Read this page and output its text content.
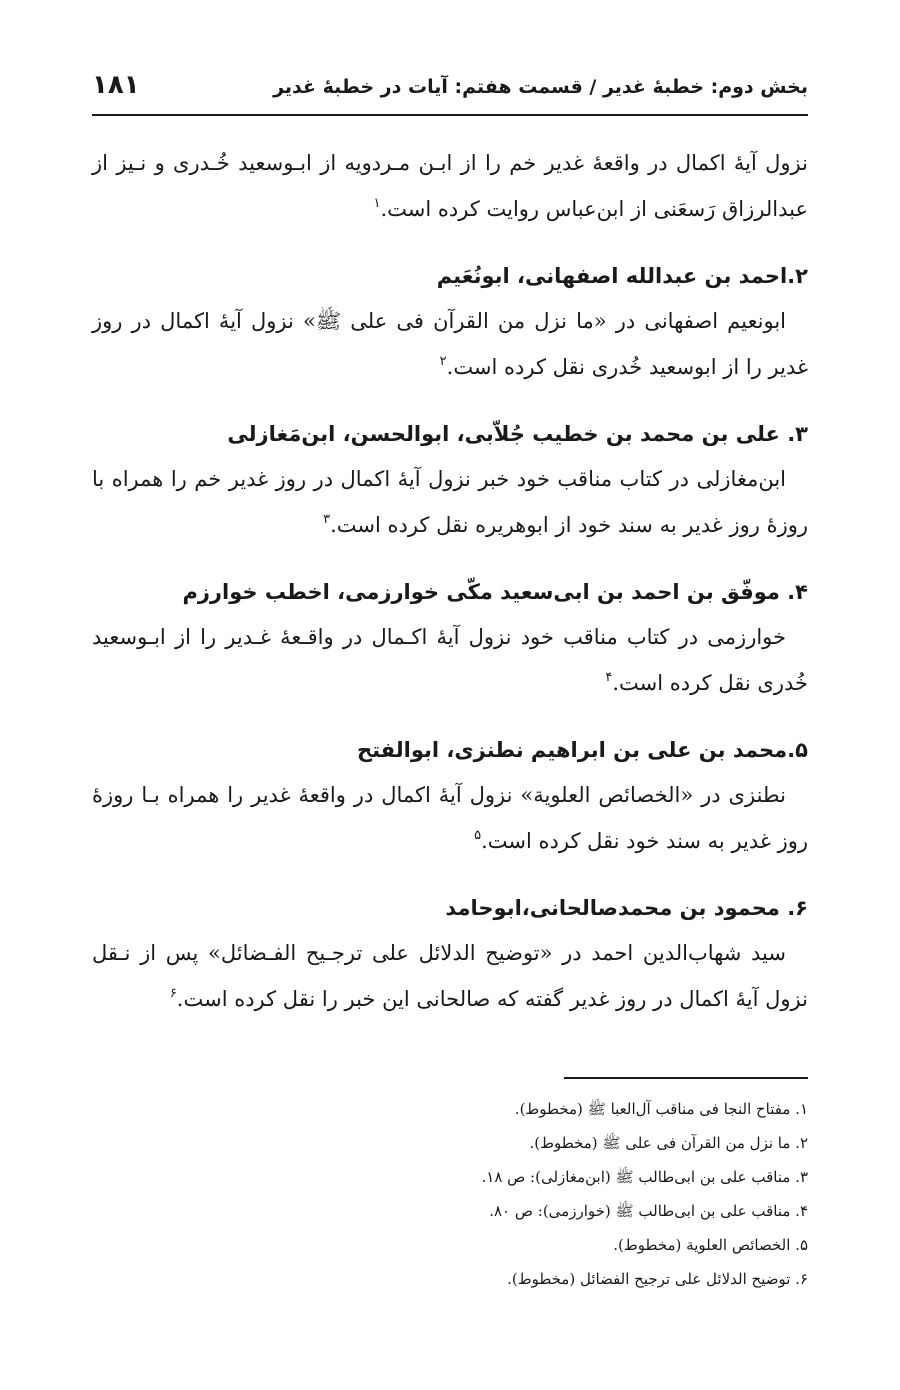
بخش دوم: خطبهٔ غدیر / قسمت هفتم: آیات در خطبهٔ غدیر
۱۸۱

نزول آیهٔ اکمال در واقعهٔ غدیر خم را از ابـن مـردویه از ابـوسعید خُـدری و نـیز از عبدالرزاق رَسعَنی از ابن‌عباس روایت کرده است.$^۱$

۲.احمد بن عبدالله اصفهانی، ابونُعَیم

ابونعیم اصفهانی در «ما نزل من القرآن فی علی ﷺ» نزول آیهٔ اکمال در روز غدیر را از ابوسعید خُدری نقل کرده است.$^۲$

۳. علی بن محمد بن خطیب جُلاّبی، ابوالحسن، ابن‌مَغازلی

ابن‌مغازلی در کتاب مناقب خود خبر نزول آیهٔ اکمال در روز غدیر خم را همراه با روزهٔ روز غدیر به سند خود از ابوهریره نقل کرده است.$^۳$

۴. موفّق بن احمد بن ابی‌سعید مکّی خوارزمی، اخطب خوارزم

خوارزمی در کتاب مناقب خود نزول آیهٔ اکـمال در واقـعهٔ غـدیر را از ابـوسعید خُدری نقل کرده است.$^۴$

۵.محمد بن علی بن ابراهیم نطنزی، ابوالفتح

نطنزی در «الخصائص العلویة» نزول آیهٔ اکمال در واقعهٔ غدیر را همراه بـا روزهٔ روز غدیر به سند خود نقل کرده است.$^۵$

۶. محمود بن محمدصالحانی،ابوحامد

سید شهاب‌الدین احمد در «توضیح الدلائل علی ترجـیح الفـضائل» پس از نـقل نزول آیهٔ اکمال در روز غدیر گفته که صالحانی این خبر را نقل کرده است.$^۶$

۱. مفتاح النجا فی مناقب آل‌العبا ﷺ (مخطوط).
۲. ما نزل من القرآن فی علی ﷺ (مخطوط).
۳. مناقب علی بن ابی‌طالب ﷺ (ابن‌مغازلی): ص ۱۸.
۴. مناقب علی بن ابی‌طالب ﷺ (خوارزمی): ص ۸۰.
۵. الخصائص العلویة (مخطوط).
۶. توضیح الدلائل علی ترجیح الفضائل (مخطوط).
